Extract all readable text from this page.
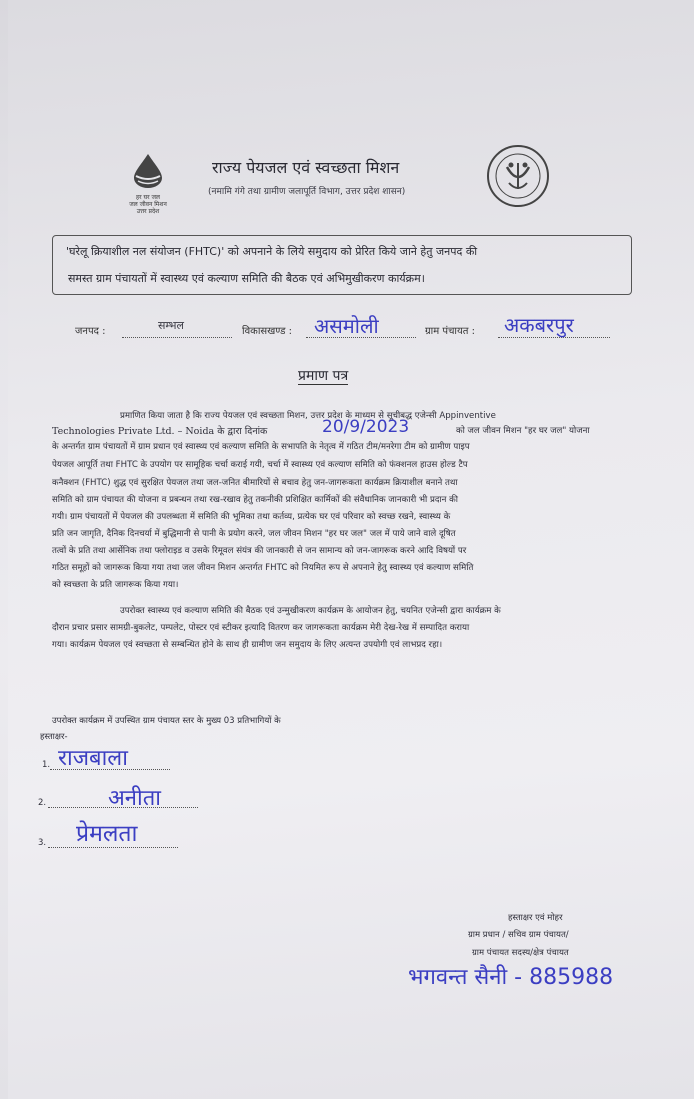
हर घर जल
जल जीवन मिशन
उत्तर प्रदेश
राज्य पेयजल एवं स्वच्छता मिशन
(नमामि गंगे तथा ग्रामीण जलापूर्ति विभाग, उत्तर प्रदेश शासन)
'घरेलू क्रियाशील नल संयोजन (FHTC)' को अपनाने के लिये समुदाय को प्रेरित किये जाने हेतु जनपद की
समस्त ग्राम पंचायतों में स्वास्थ्य एवं कल्याण समिति की बैठक एवं अभिमुखीकरण कार्यक्रम।
जनपद :	सम्भल	विकासखण्ड : असमोली	ग्राम पंचायत : अकबरपुर
प्रमाण पत्र
प्रमाणित किया जाता है कि राज्य पेयजल एवं स्वच्छता मिशन, उत्तर प्रदेश के माध्यम से सूचीबद्ध एजेन्सी Appinventive
Technologies Private Ltd. – Noida के द्वारा दिनांक	20/9/2023	को जल जीवन मिशन "हर घर जल" योजना
के अन्तर्गत ग्राम पंचायतों में ग्राम प्रधान एवं स्वास्थ्य एवं कल्याण समिति के सभापति के नेतृत्व में गठित टीम/मनरेगा टीम को ग्रामीण पाइप
पेयजल आपूर्ति तथा FHTC के उपयोग पर सामूहिक चर्चा कराई गयी, चर्चा में स्वास्थ्य एवं कल्याण समिति को फंक्शनल हाउस होल्ड टैप
कनैक्शन (FHTC) शुद्ध एवं सुरक्षित पेयजल तथा जल-जनित बीमारियों से बचाव हेतु जन-जागरूकता कार्यक्रम क्रियाशील बनाने तथा
समिति को ग्राम पंचायत की योजना व प्रबन्धन तथा रख-रखाव हेतु तकनीकी प्रशिक्षित कार्मिकों की संवैधानिक जानकारी भी प्रदान की
गयी। ग्राम पंचायतों में पेयजल की उपलब्धता में समिति की भूमिका तथा कर्तव्य, प्रत्येक घर एवं परिवार को स्वच्छ रखने, स्वास्थ्य के
प्रति जन जागृति, दैनिक दिनचर्या में बुद्धिमानी से पानी के प्रयोग करने, जल जीवन मिशन "हर घर जल" जल में पाये जाने वाले दूषित
तत्वों के प्रति तथा आर्सेनिक तथा फ्लोराइड व उसके रिमूवल संयंत्र की जानकारी से जन सामान्य को जन-जागरूक करने आदि विषयों पर
गठित समूहों को जागरूक किया गया तथा जल जीवन मिशन अन्तर्गत FHTC को नियमित रूप से अपनाने हेतु स्वास्थ्य एवं कल्याण समिति
को स्वच्छता के प्रति जागरूक किया गया।
उपरोक्त स्वास्थ्य एवं कल्याण समिति की बैठक एवं उन्मुखीकरण कार्यक्रम के आयोजन हेतु, चयनित एजेन्सी द्वारा कार्यक्रम के
दौरान प्रचार प्रसार सामग्री-बुकलेट, पम्पलेट, पोस्टर एवं स्टीकर इत्यादि वितरण कर जागरूकता कार्यक्रम मेरी देख-रेख में सम्पादित कराया
गया। कार्यक्रम पेयजल एवं स्वच्छता से सम्बन्धित होने के साथ ही ग्रामीण जन समुदाय के लिए अत्यन्त उपयोगी एवं लाभप्रद रहा।
उपरोक्त कार्यक्रम में उपस्थित ग्राम पंचायत स्तर के मुख्य 03 प्रतिभागियों के
हस्ताक्षर-
1. राजबाला
2.	अनीता
3. प्रेमलता
हस्ताक्षर एवं मोहर
ग्राम प्रधान / सचिव ग्राम पंचायत/
ग्राम पंचायत सदस्य/क्षेत्र पंचायत
भगवन्त सैनी - 885988
